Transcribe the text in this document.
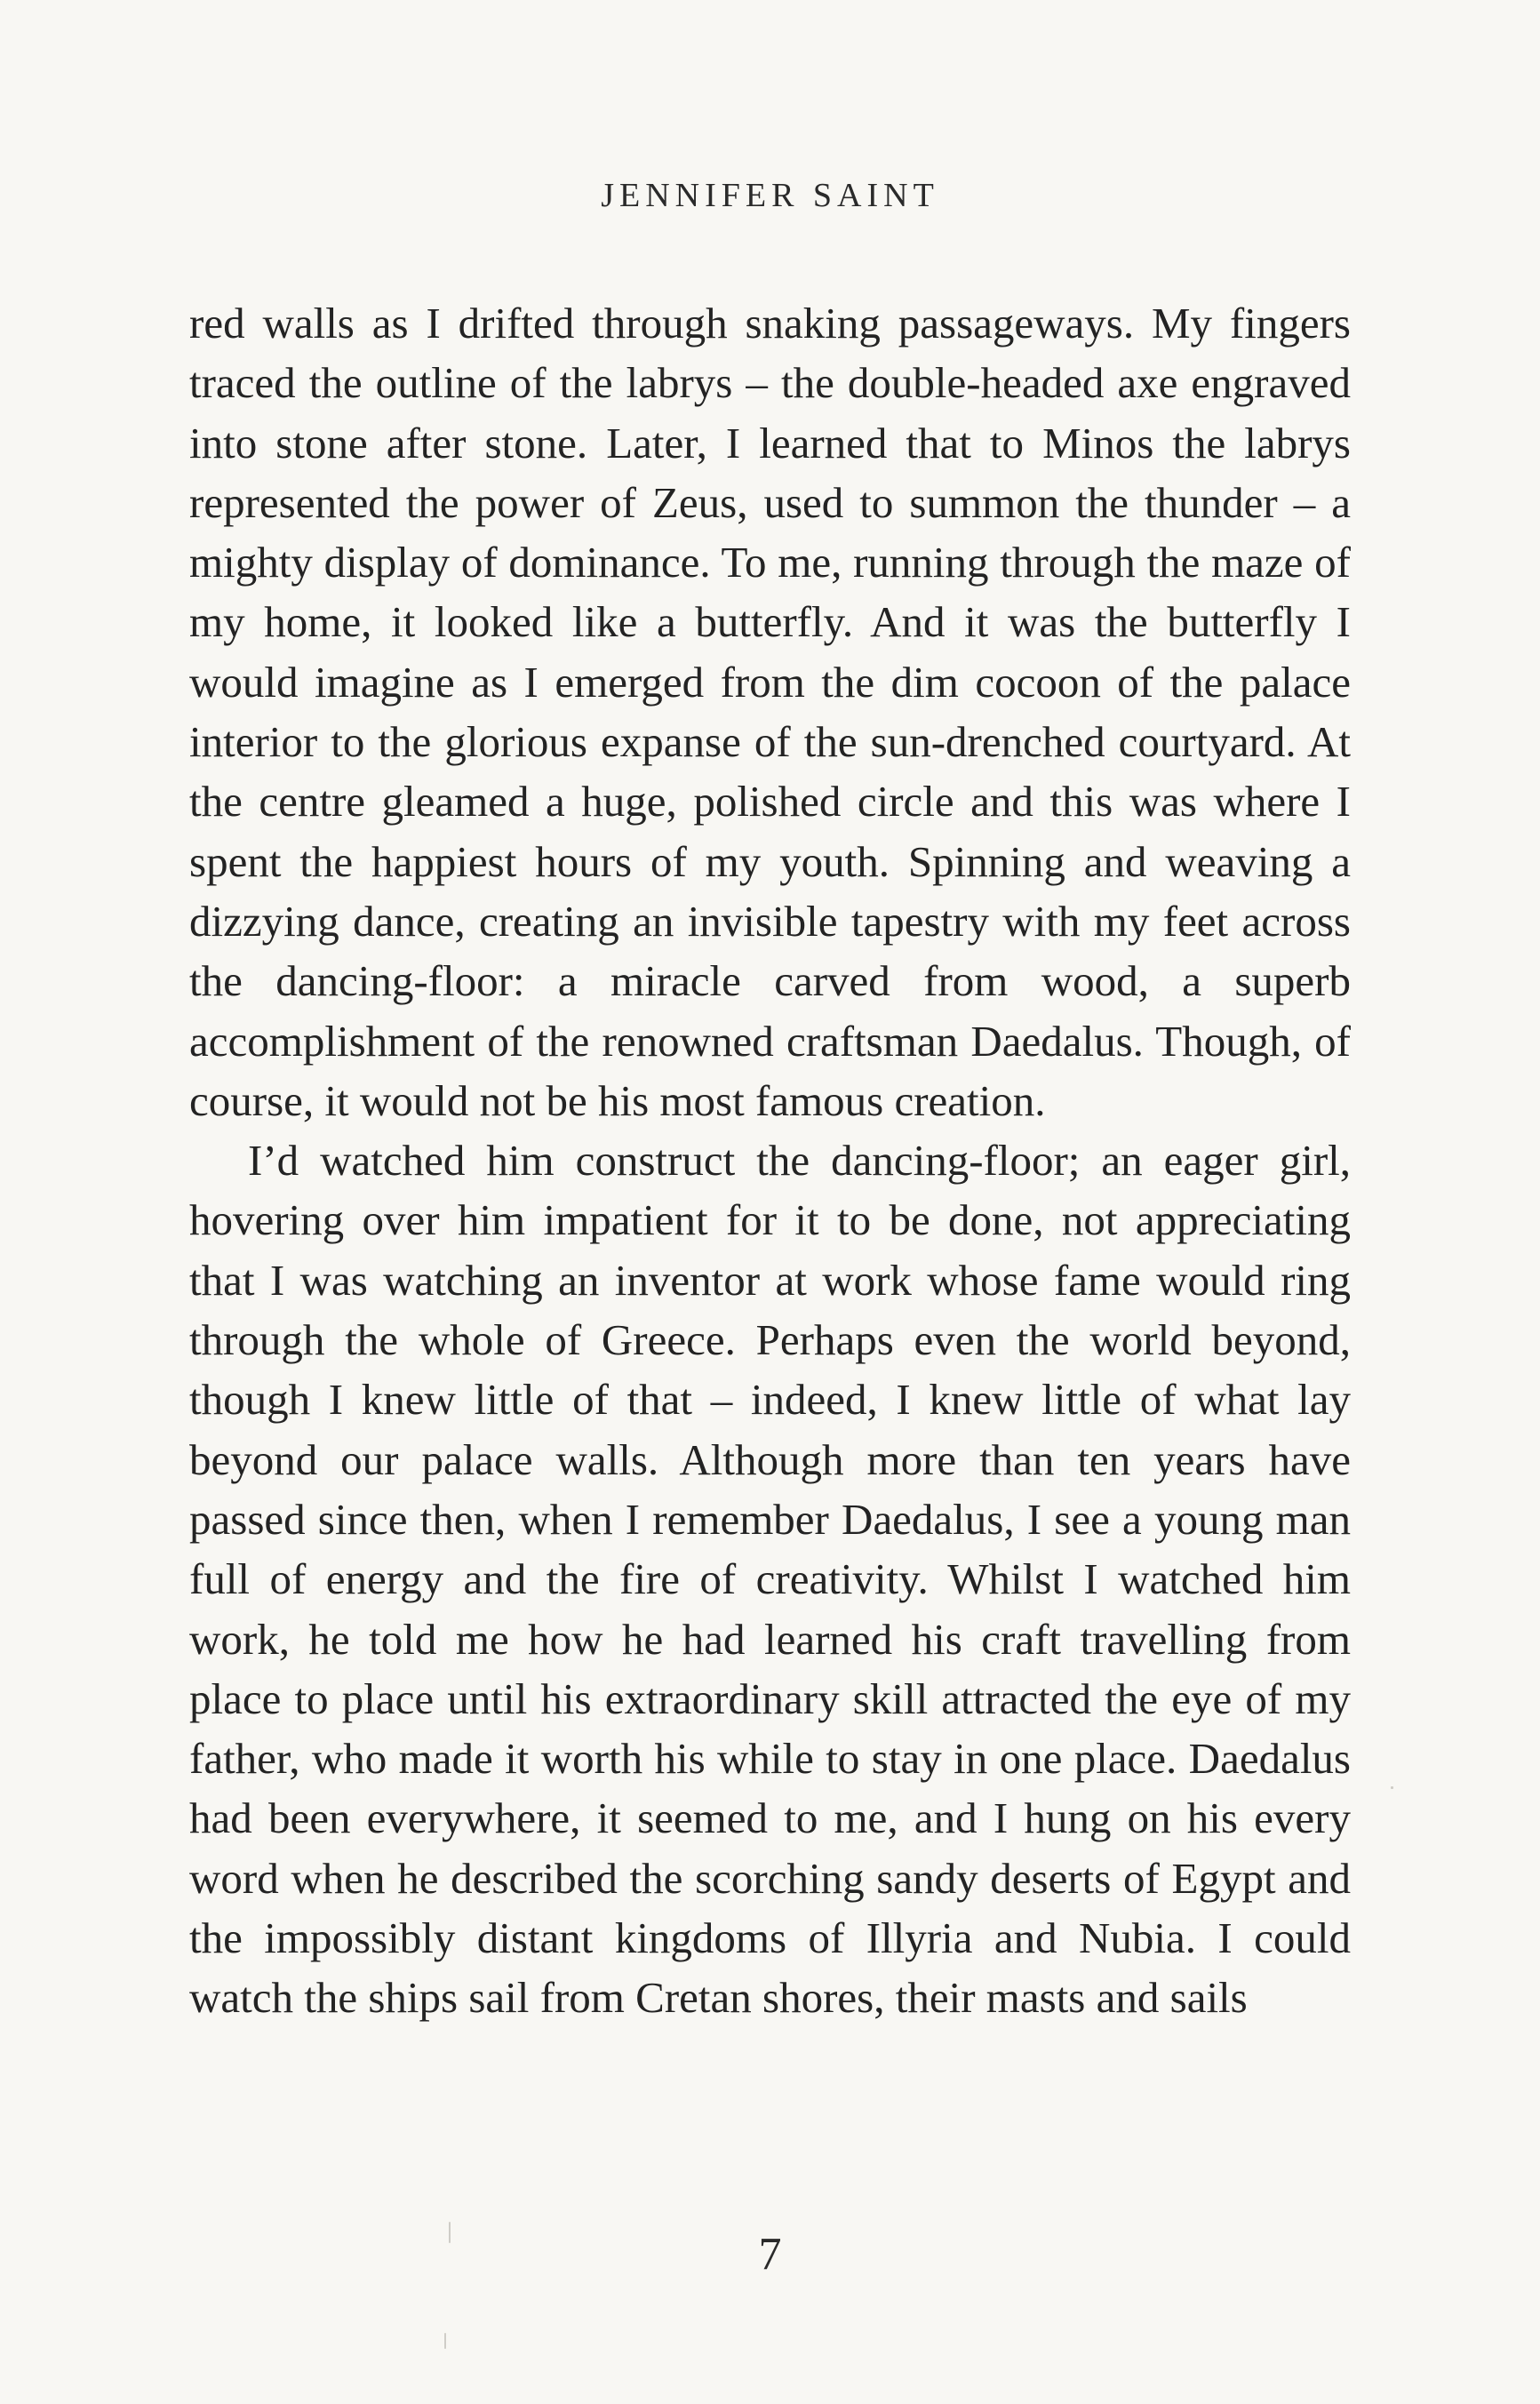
JENNIFER SAINT

red walls as I drifted through snaking passageways. My fingers traced the outline of the labrys – the double-headed axe engraved into stone after stone. Later, I learned that to Minos the labrys represented the power of Zeus, used to summon the thunder – a mighty display of dominance. To me, running through the maze of my home, it looked like a butterfly. And it was the butterfly I would imagine as I emerged from the dim cocoon of the palace interior to the glorious expanse of the sun-drenched courtyard. At the centre gleamed a huge, polished circle and this was where I spent the happiest hours of my youth. Spinning and weaving a dizzying dance, creating an invisible tapestry with my feet across the dancing-floor: a miracle carved from wood, a superb accomplishment of the renowned craftsman Daedalus. Though, of course, it would not be his most famous creation.

I’d watched him construct the dancing-floor; an eager girl, hovering over him impatient for it to be done, not appreciating that I was watching an inventor at work whose fame would ring through the whole of Greece. Perhaps even the world beyond, though I knew little of that – indeed, I knew little of what lay beyond our palace walls. Although more than ten years have passed since then, when I remember Daedalus, I see a young man full of energy and the fire of creativity. Whilst I watched him work, he told me how he had learned his craft travelling from place to place until his extraordinary skill attracted the eye of my father, who made it worth his while to stay in one place. Daedalus had been everywhere, it seemed to me, and I hung on his every word when he described the scorching sandy deserts of Egypt and the impossibly distant kingdoms of Illyria and Nubia. I could watch the ships sail from Cretan shores, their masts and sails

7
